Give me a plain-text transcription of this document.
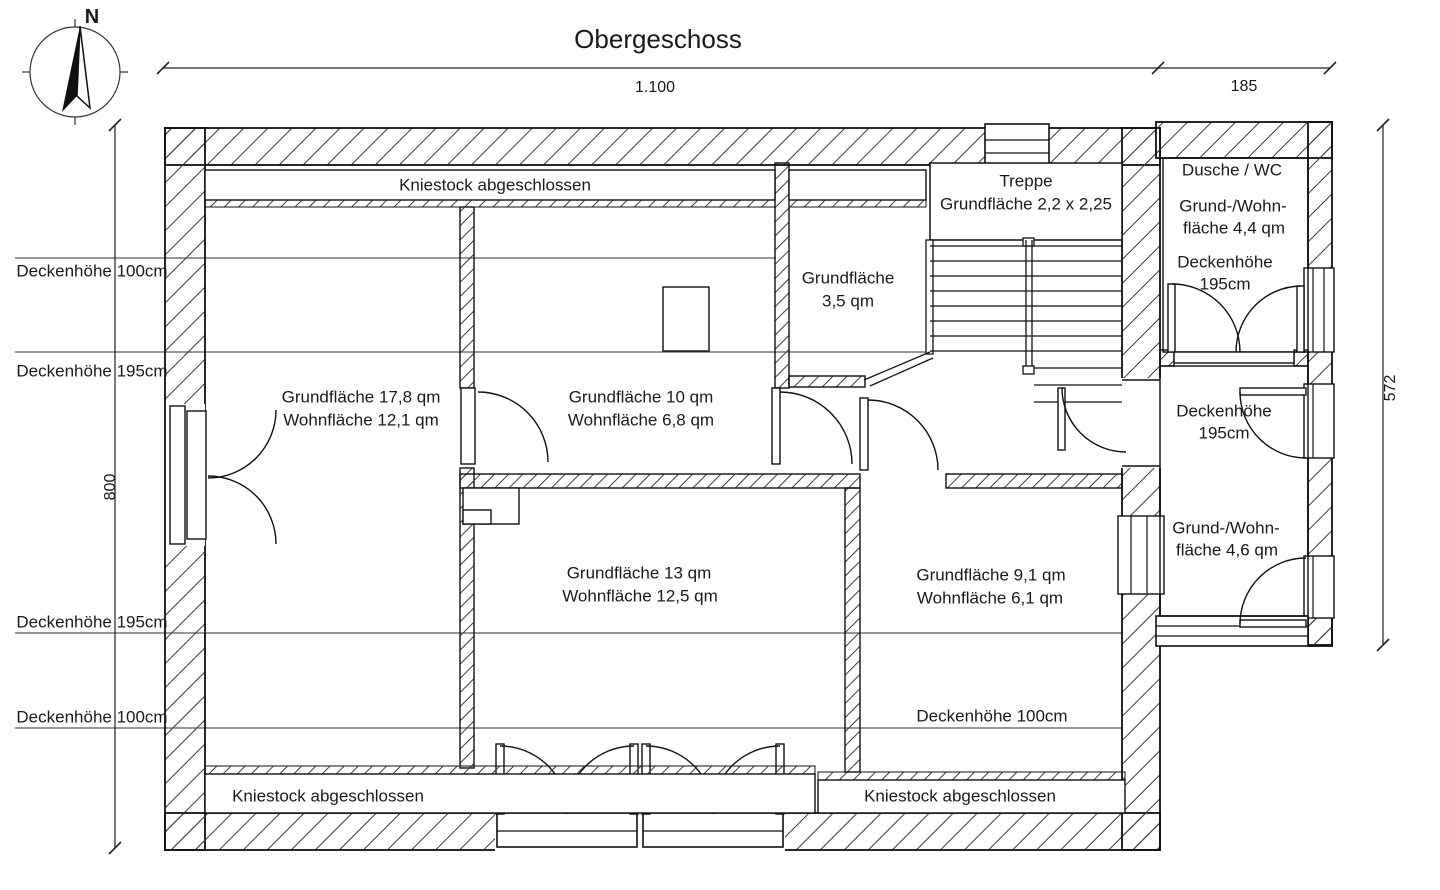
Obergeschoss
N
1.100	185
800
572
Deckenhöhe 100cm
Deckenhöhe 195cm
Deckenhöhe 195cm
Deckenhöhe 100cm
Kniestock abgeschlossen
Kniestock abgeschlossen	Kniestock abgeschlossen
Grundfläche 17,8 qm
Wohnfläche 12,1 qm
Grundfläche 10 qm
Wohnfläche 6,8 qm
Grundfläche
3,5 qm
Treppe
Grundfläche 2,2 x 2,25
Dusche / WC
Grund-/Wohn-
fläche 4,4 qm
Deckenhöhe
195cm
Deckenhöhe
195cm
Grund-/Wohn-
fläche 4,6 qm
Grundfläche 13 qm
Wohnfläche 12,5 qm
Grundfläche 9,1 qm
Wohnfläche 6,1 qm
Deckenhöhe 100cm
